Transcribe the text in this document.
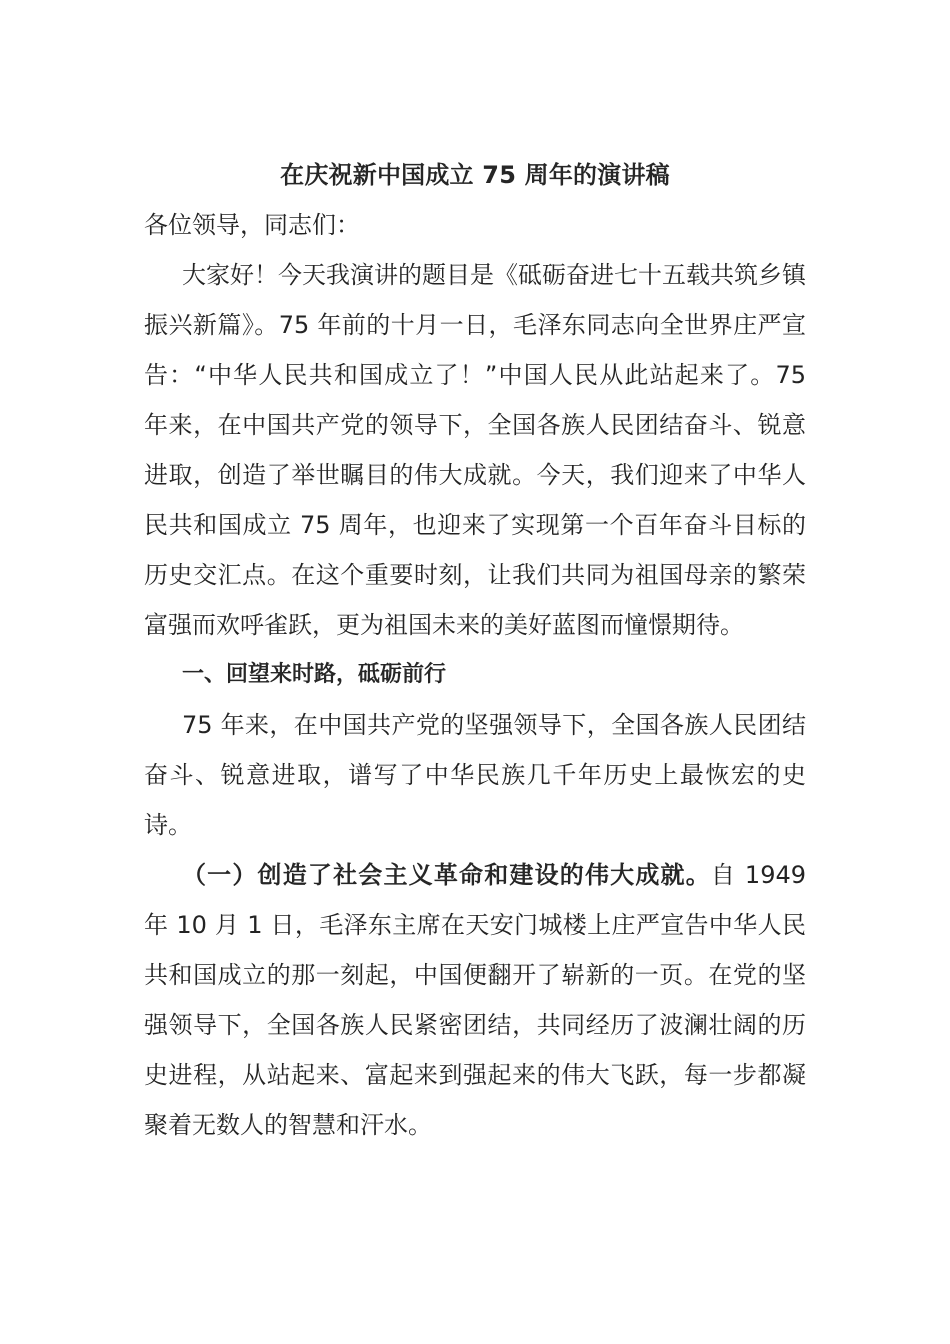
在庆祝新中国成立 75 周年的演讲稿

各位领导，同志们：

大家好！今天我演讲的题目是《砥砺奋进七十五载共筑乡镇振兴新篇》。75 年前的十月一日，毛泽东同志向全世界庄严宣告：“中华人民共和国成立了！”中国人民从此站起来了。75 年来，在中国共产党的领导下，全国各族人民团结奋斗、锐意进取，创造了举世瞩目的伟大成就。今天，我们迎来了中华人民共和国成立 75 周年，也迎来了实现第一个百年奋斗目标的历史交汇点。在这个重要时刻，让我们共同为祖国母亲的繁荣富强而欢呼雀跃，更为祖国未来的美好蓝图而憧憬期待。

一、回望来时路，砥砺前行

75 年来，在中国共产党的坚强领导下，全国各族人民团结奋斗、锐意进取，谱写了中华民族几千年历史上最恢宏的史诗。

（一）创造了社会主义革命和建设的伟大成就。自 1949 年 10 月 1 日，毛泽东主席在天安门城楼上庄严宣告中华人民共和国成立的那一刻起，中国便翻开了崭新的一页。在党的坚强领导下，全国各族人民紧密团结，共同经历了波澜壮阔的历史进程，从站起来、富起来到强起来的伟大飞跃，每一步都凝聚着无数人的智慧和汗水。
